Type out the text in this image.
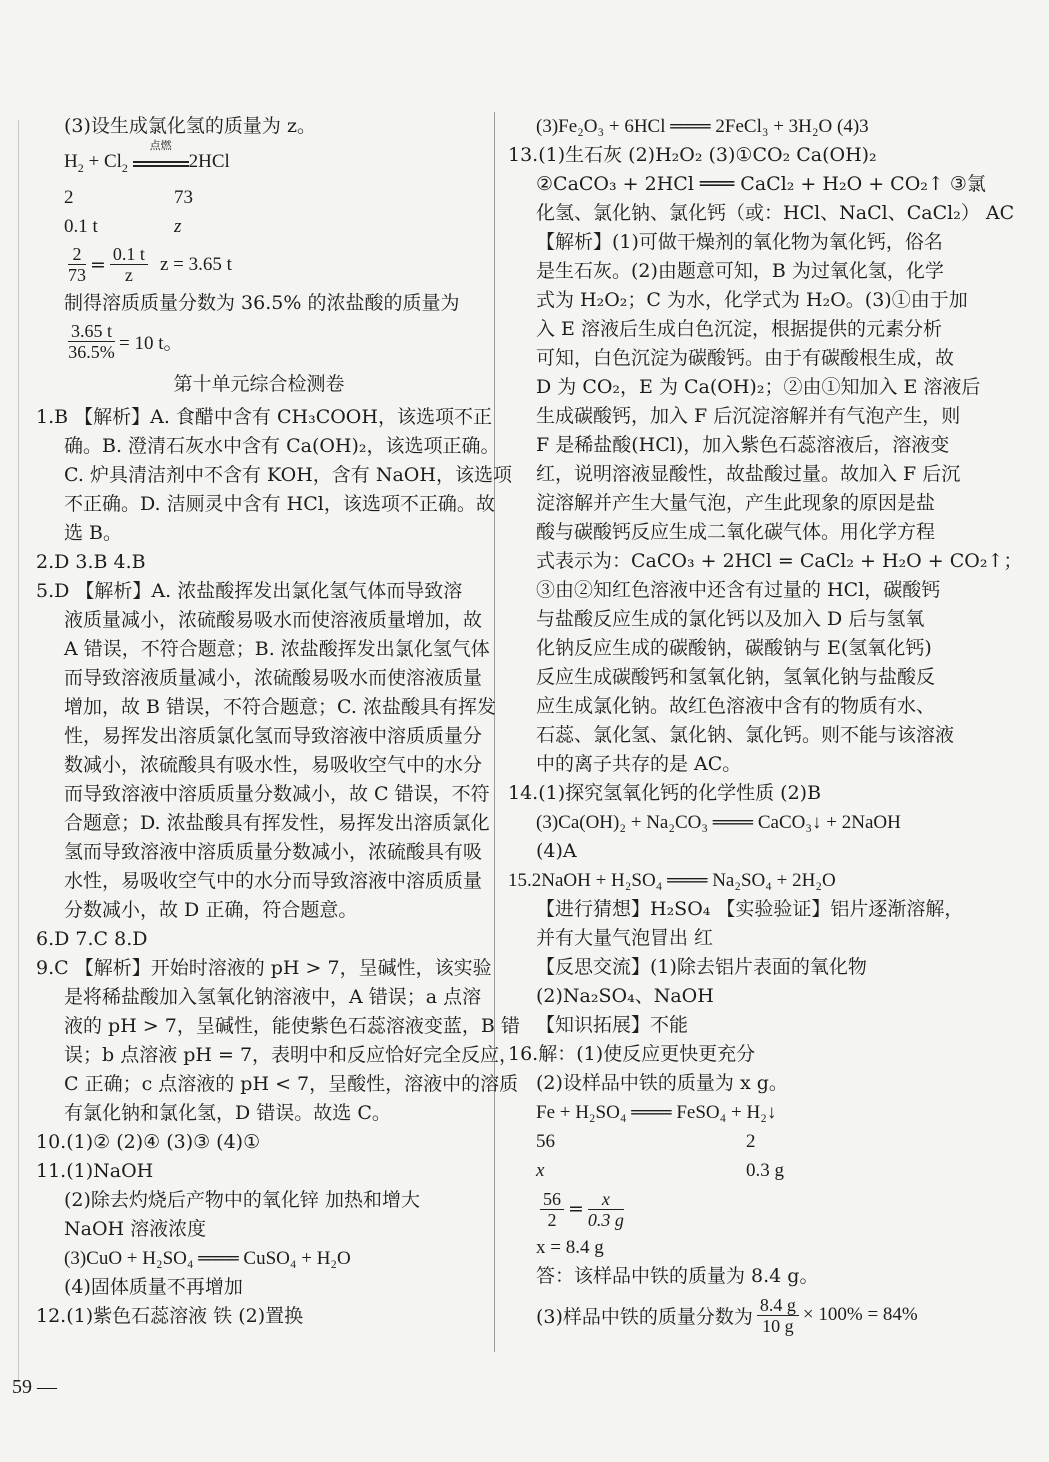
(3)设生成氯化氢的质量为 z。
$H_2 + Cl_2$
点燃
2HCl
2	73
0.1 t	z
$\frac{2}{73} = \frac{0.1 t}{z}$ z = 3.65 t
制得溶质质量分数为 36.5% 的浓盐酸的质量为
$\frac{3.65 t}{36.5\%} = 10$ t。
第十单元综合检测卷
1.B 【解析】A. 食醋中含有 CH₃COOH，该选项不正
确。B. 澄清石灰水中含有 Ca(OH)₂，该选项正确。
C. 炉具清洁剂中不含有 KOH，含有 NaOH，该选项
不正确。D. 洁厕灵中含有 HCl，该选项不正确。故
选 B。
2.D 3.B 4.B
5.D 【解析】A. 浓盐酸挥发出氯化氢气体而导致溶
液质量减小，浓硫酸易吸水而使溶液质量增加，故
A 错误，不符合题意；B. 浓盐酸挥发出氯化氢气体
而导致溶液质量减小，浓硫酸易吸水而使溶液质量
增加，故 B 错误，不符合题意；C. 浓盐酸具有挥发
性，易挥发出溶质氯化氢而导致溶液中溶质质量分
数减小，浓硫酸具有吸水性，易吸收空气中的水分
而导致溶液中溶质质量分数减小，故 C 错误，不符
合题意；D. 浓盐酸具有挥发性，易挥发出溶质氯化
氢而导致溶液中溶质质量分数减小，浓硫酸具有吸
水性，易吸收空气中的水分而导致溶液中溶质质量
分数减小，故 D 正确，符合题意。
6.D 7.C 8.D
9.C 【解析】开始时溶液的 pH > 7，呈碱性，该实验
是将稀盐酸加入氢氧化钠溶液中，A 错误；a 点溶
液的 pH > 7，呈碱性，能使紫色石蕊溶液变蓝，B 错
误；b 点溶液 pH = 7，表明中和反应恰好完全反应，
C 正确；c 点溶液的 pH < 7，呈酸性，溶液中的溶质
有氯化钠和氯化氢，D 错误。故选 C。
10.(1)② (2)④ (3)③ (4)①
11.(1)NaOH
(2)除去灼烧后产物中的氧化锌 加热和增大
NaOH 溶液浓度
(3)CuO + H₂SO₄ ═══ CuSO₄ + H₂O
(4)固体质量不再增加
12.(1)紫色石蕊溶液 铁 (2)置换
(3)Fe₂O₃ + 6HCl ═══ 2FeCl₃ + 3H₂O (4)3
13.(1)生石灰 (2)H₂O₂ (3)①CO₂ Ca(OH)₂
②CaCO₃ + 2HCl ═══ CaCl₂ + H₂O + CO₂↑ ③氯
化氢、氯化钠、氯化钙（或：HCl、NaCl、CaCl₂） AC
【解析】(1)可做干燥剂的氧化物为氧化钙，俗名
是生石灰。(2)由题意可知，B 为过氧化氢，化学
式为 H₂O₂；C 为水，化学式为 H₂O。(3)①由于加
入 E 溶液后生成白色沉淀，根据提供的元素分析
可知，白色沉淀为碳酸钙。由于有碳酸根生成，故
D 为 CO₂，E 为 Ca(OH)₂；②由①知加入 E 溶液后
生成碳酸钙，加入 F 后沉淀溶解并有气泡产生，则
F 是稀盐酸(HCl)，加入紫色石蕊溶液后，溶液变
红，说明溶液显酸性，故盐酸过量。故加入 F 后沉
淀溶解并产生大量气泡，产生此现象的原因是盐
酸与碳酸钙反应生成二氧化碳气体。用化学方程
式表示为：CaCO₃ + 2HCl = CaCl₂ + H₂O + CO₂↑；
③由②知红色溶液中还含有过量的 HCl，碳酸钙
与盐酸反应生成的氯化钙以及加入 D 后与氢氧
化钠反应生成的碳酸钠，碳酸钠与 E(氢氧化钙)
反应生成碳酸钙和氢氧化钠，氢氧化钠与盐酸反
应生成氯化钠。故红色溶液中含有的物质有水、
石蕊、氯化氢、氯化钠、氯化钙。则不能与该溶液
中的离子共存的是 AC。
14.(1)探究氢氧化钙的化学性质 (2)B
(3)Ca(OH)₂ + Na₂CO₃ ═══ CaCO₃↓ + 2NaOH
(4)A
15.2NaOH + H₂SO₄ ═══ Na₂SO₄ + 2H₂O
【进行猜想】H₂SO₄ 【实验验证】铝片逐渐溶解，
并有大量气泡冒出 红
【反思交流】(1)除去铝片表面的氧化物
(2)Na₂SO₄、NaOH
【知识拓展】不能
16.解：(1)使反应更快更充分
(2)设样品中铁的质量为 x g。
Fe + H₂SO₄ ═══ FeSO₄ + H₂↓
56	2
x	0.3 g
$\frac{56}{2} = \frac{x}{0.3 g}$
x = 8.4 g
答：该样品中铁的质量为 8.4 g。
(3)样品中铁的质量分数为 $\frac{8.4 g}{10 g} \times 100\% = 84\%$
59 —
